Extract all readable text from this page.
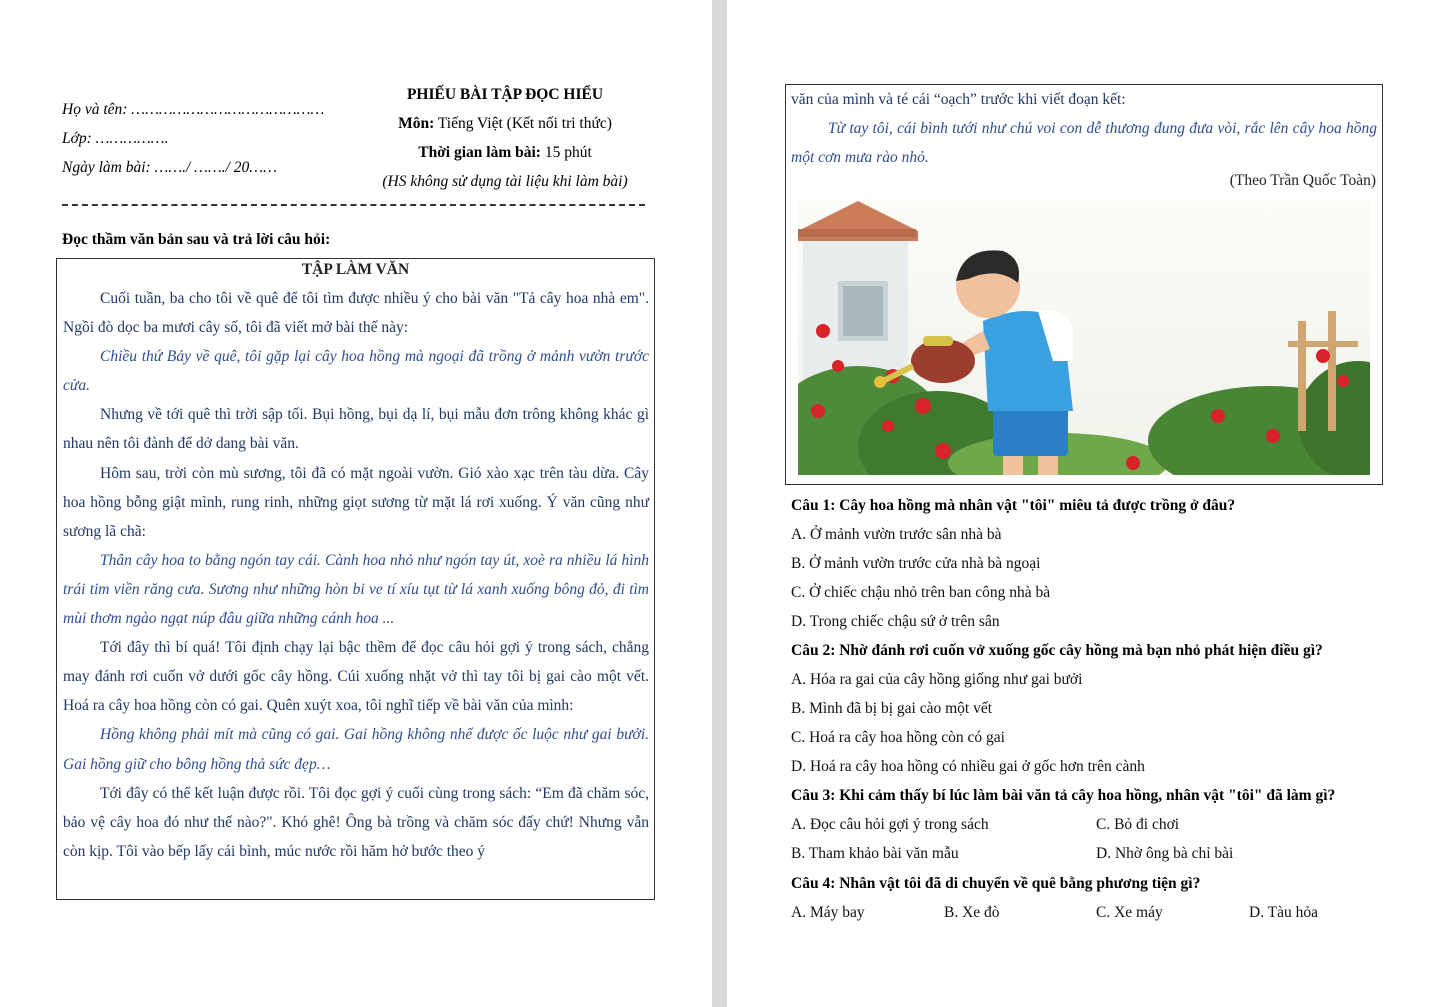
Họ và tên: ……………………………………
Lớp: …………….
Ngày làm bài: ……./ ……./ 20……
PHIẾU BÀI TẬP ĐỌC HIỂU
Môn: Tiếng Việt (Kết nối tri thức)
Thời gian làm bài: 15 phút
(HS không sử dụng tài liệu khi làm bài)
Đọc thầm văn bản sau và trả lời câu hỏi:
TẬP LÀM VĂN

Cuối tuần, ba cho tôi về quê để tôi tìm được nhiều ý cho bài văn "Tả cây hoa nhà em". Ngồi đò dọc ba mươi cây số, tôi đã viết mở bài thế này:

Chiều thứ Bảy về quê, tôi gặp lại cây hoa hồng mà ngoại đã trồng ở mảnh vườn trước cửa.

Nhưng về tới quê thì trời sập tối. Bụi hồng, bụi dạ lí, bụi mẫu đơn trông không khác gì nhau nên tôi đành để dở dang bài văn.

Hôm sau, trời còn mù sương, tôi đã có mặt ngoài vườn. Gió xào xạc trên tàu dừa. Cây hoa hồng bỗng giật mình, rung rinh, những giọt sương từ mặt lá rơi xuống. Ý văn cũng như sương lã chã:

Thân cây hoa to bằng ngón tay cái. Cành hoa nhỏ như ngón tay út, xoè ra nhiều lá hình trái tim viền răng cưa. Sương như những hòn bi ve tí xíu tụt từ lá xanh xuống bông đỏ, đi tìm mùi thơm ngào ngạt núp đâu giữa những cánh hoa ...

Tới đây thì bí quá! Tôi định chạy lại bậc thềm để đọc câu hỏi gợi ý trong sách, chẳng may đánh rơi cuốn vở dưới gốc cây hồng. Cúi xuống nhặt vở thì tay tôi bị gai cào một vết. Hoá ra cây hoa hồng còn có gai. Quên xuýt xoa, tôi nghĩ tiếp về bài văn của mình:

Hồng không phải mít mà cũng có gai. Gai hồng không nhể được ốc luộc như gai bưởi. Gai hồng giữ cho bông hồng thả sức đẹp…

Tới đây có thể kết luận được rồi. Tôi đọc gợi ý cuối cùng trong sách: “Em đã chăm sóc, bảo vệ cây hoa đó như thế nào?". Khó ghê! Ông bà trồng và chăm sóc đấy chứ! Nhưng vẫn còn kịp. Tôi vào bếp lấy cái bình, múc nước rồi hăm hở bước theo ý

văn của mình và té cái “oạch” trước khi viết đoạn kết:

Từ tay tôi, cái bình tưới như chú voi con dễ thương đung đưa vòi, rắc lên cây hoa hồng một cơn mưa rào nhỏ.

(Theo Trần Quốc Toàn)
Câu 1: Cây hoa hồng mà nhân vật "tôi" miêu tả được trồng ở đâu?
A. Ở mảnh vườn trước sân nhà bà
B. Ở mảnh vườn trước cửa nhà bà ngoại
C. Ở chiếc chậu nhỏ trên ban công nhà bà
D. Trong chiếc chậu sứ ở trên sân
Câu 2: Nhờ đánh rơi cuốn vở xuống gốc cây hồng mà bạn nhỏ phát hiện điều gì?
A. Hóa ra gai của cây hồng giống như gai bưởi
B. Mình đã bị bị gai cào một vết
C. Hoá ra cây hoa hồng còn có gai
D. Hoá ra cây hoa hồng có nhiều gai ở gốc hơn trên cành
Câu 3: Khi cảm thấy bí lúc làm bài văn tả cây hoa hồng, nhân vật "tôi" đã làm gì?
A. Đọc câu hỏi gợi ý trong sách	C. Bỏ đi chơi
B. Tham khảo bài văn mẫu	D. Nhờ ông bà chỉ bài
Câu 4: Nhân vật tôi đã di chuyển về quê bằng phương tiện gì?
A. Máy bay	B. Xe đò	C. Xe máy	D. Tàu hỏa
